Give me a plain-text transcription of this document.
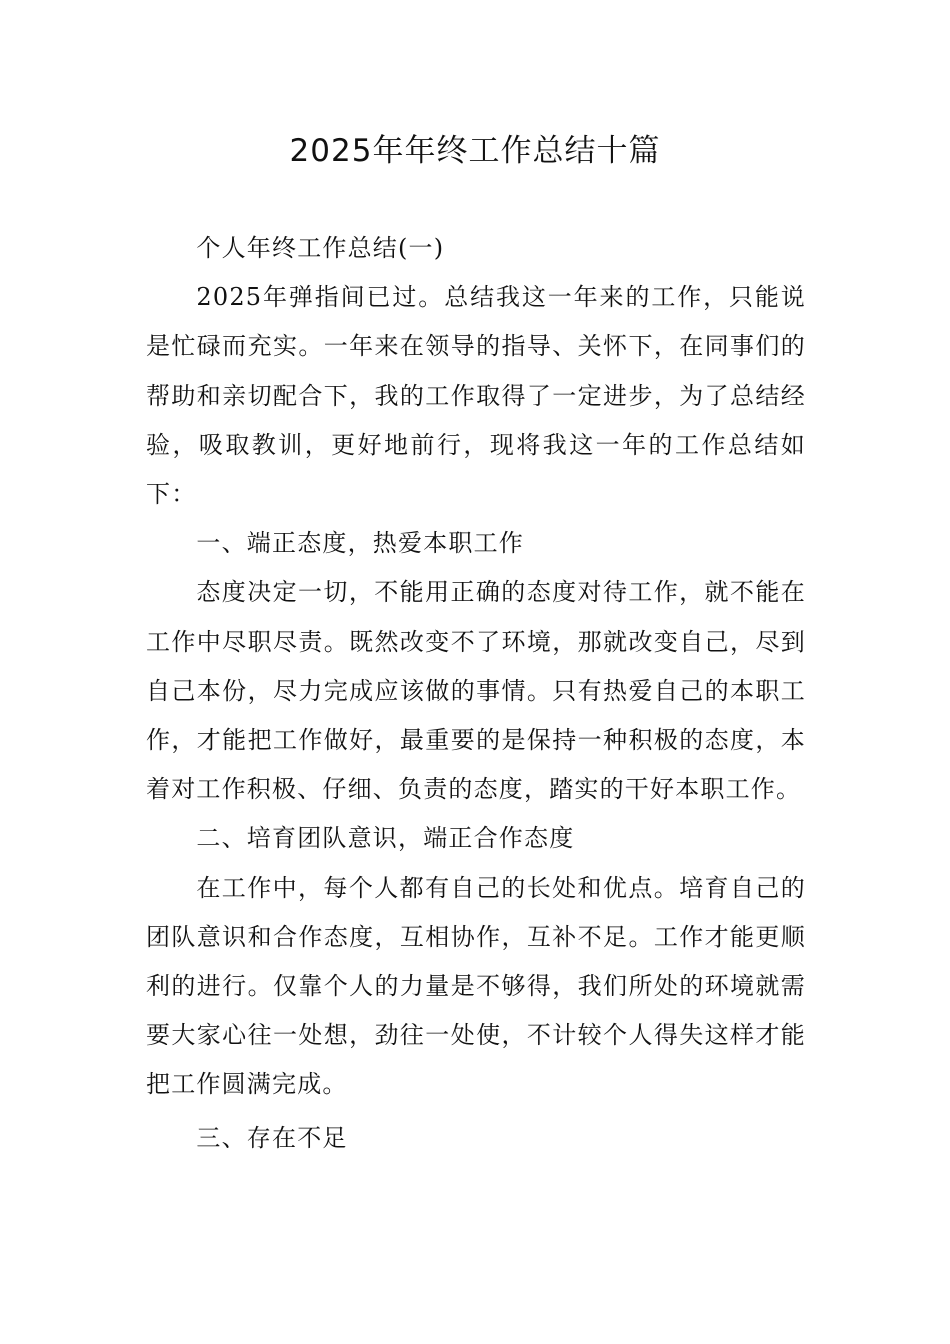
2025年年终工作总结十篇

个人年终工作总结(一)

2025年弹指间已过。总结我这一年来的工作，只能说是忙碌而充实。一年来在领导的指导、关怀下，在同事们的帮助和亲切配合下，我的工作取得了一定进步，为了总结经验，吸取教训，更好地前行，现将我这一年的工作总结如下：

一、端正态度，热爱本职工作

态度决定一切，不能用正确的态度对待工作，就不能在工作中尽职尽责。既然改变不了环境，那就改变自己，尽到自己本份，尽力完成应该做的事情。只有热爱自己的本职工作，才能把工作做好，最重要的是保持一种积极的态度，本着对工作积极、仔细、负责的态度，踏实的干好本职工作。

二、培育团队意识，端正合作态度

在工作中，每个人都有自己的长处和优点。培育自己的团队意识和合作态度，互相协作，互补不足。工作才能更顺利的进行。仅靠个人的力量是不够得，我们所处的环境就需要大家心往一处想，劲往一处使，不计较个人得失这样才能把工作圆满完成。

三、存在不足
